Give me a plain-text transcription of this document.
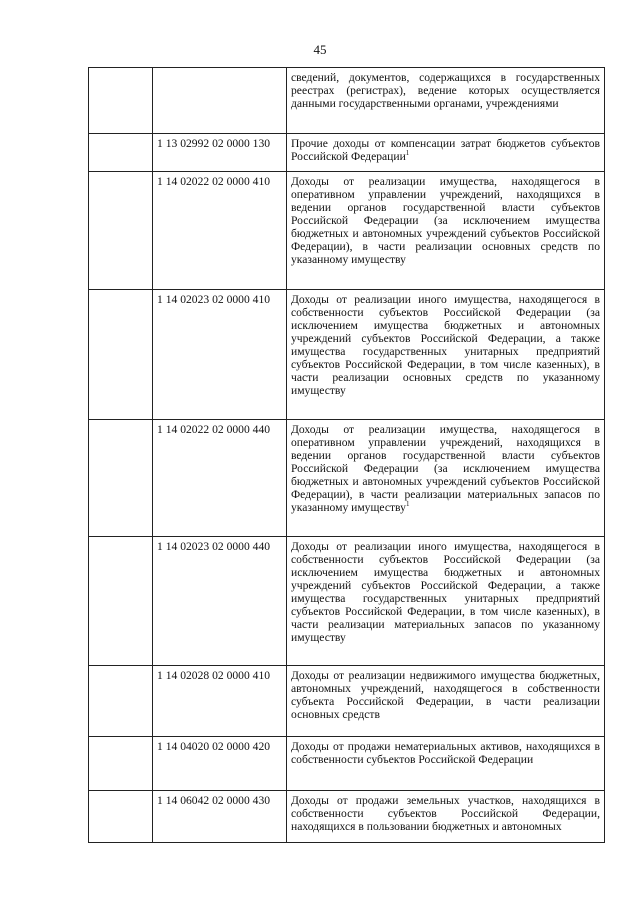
45
		сведений, документов, содержащихся в государственных реестрах (регистрах), ведение которых осуществляется данными государственными органами, учреждениями
	1 13 02992 02 0000 130	Прочие доходы от компенсации затрат бюджетов субъектов Российской Федерации$^1$
	1 14 02022 02 0000 410	Доходы от реализации имущества, находящегося в оперативном управлении учреждений, находящихся в ведении органов государственной власти субъектов Российской Федерации (за исключением имущества бюджетных и автономных учреждений субъектов Российской Федерации), в части реализации основных средств по указанному имуществу
	1 14 02023 02 0000 410	Доходы от реализации иного имущества, находящегося в собственности субъектов Российской Федерации (за исключением имущества бюджетных и автономных учреждений субъектов Российской Федерации, а также имущества государственных унитарных предприятий субъектов Российской Федерации, в том числе казенных), в части реализации основных средств по указанному имуществу
	1 14 02022 02 0000 440	Доходы от реализации имущества, находящегося в оперативном управлении учреждений, находящихся в ведении органов государственной власти субъектов Российской Федерации (за исключением имущества бюджетных и автономных учреждений субъектов Российской Федерации), в части реализации материальных запасов по указанному имуществу$^1$
	1 14 02023 02 0000 440	Доходы от реализации иного имущества, находящегося в собственности субъектов Российской Федерации (за исключением имущества бюджетных и автономных учреждений субъектов Российской Федерации, а также имущества государственных унитарных предприятий субъектов Российской Федерации, в том числе казенных), в части реализации материальных запасов по указанному имуществу
	1 14 02028 02 0000 410	Доходы от реализации недвижимого имущества бюджетных, автономных учреждений, находящегося в собственности субъекта Российской Федерации, в части реализации основных средств
	1 14 04020 02 0000 420	Доходы от продажи нематериальных активов, находящихся в собственности субъектов Российской Федерации
	1 14 06042 02 0000 430	Доходы от продажи земельных участков, находящихся в собственности субъектов Российской Федерации, находящихся в пользовании бюджетных и автономных
